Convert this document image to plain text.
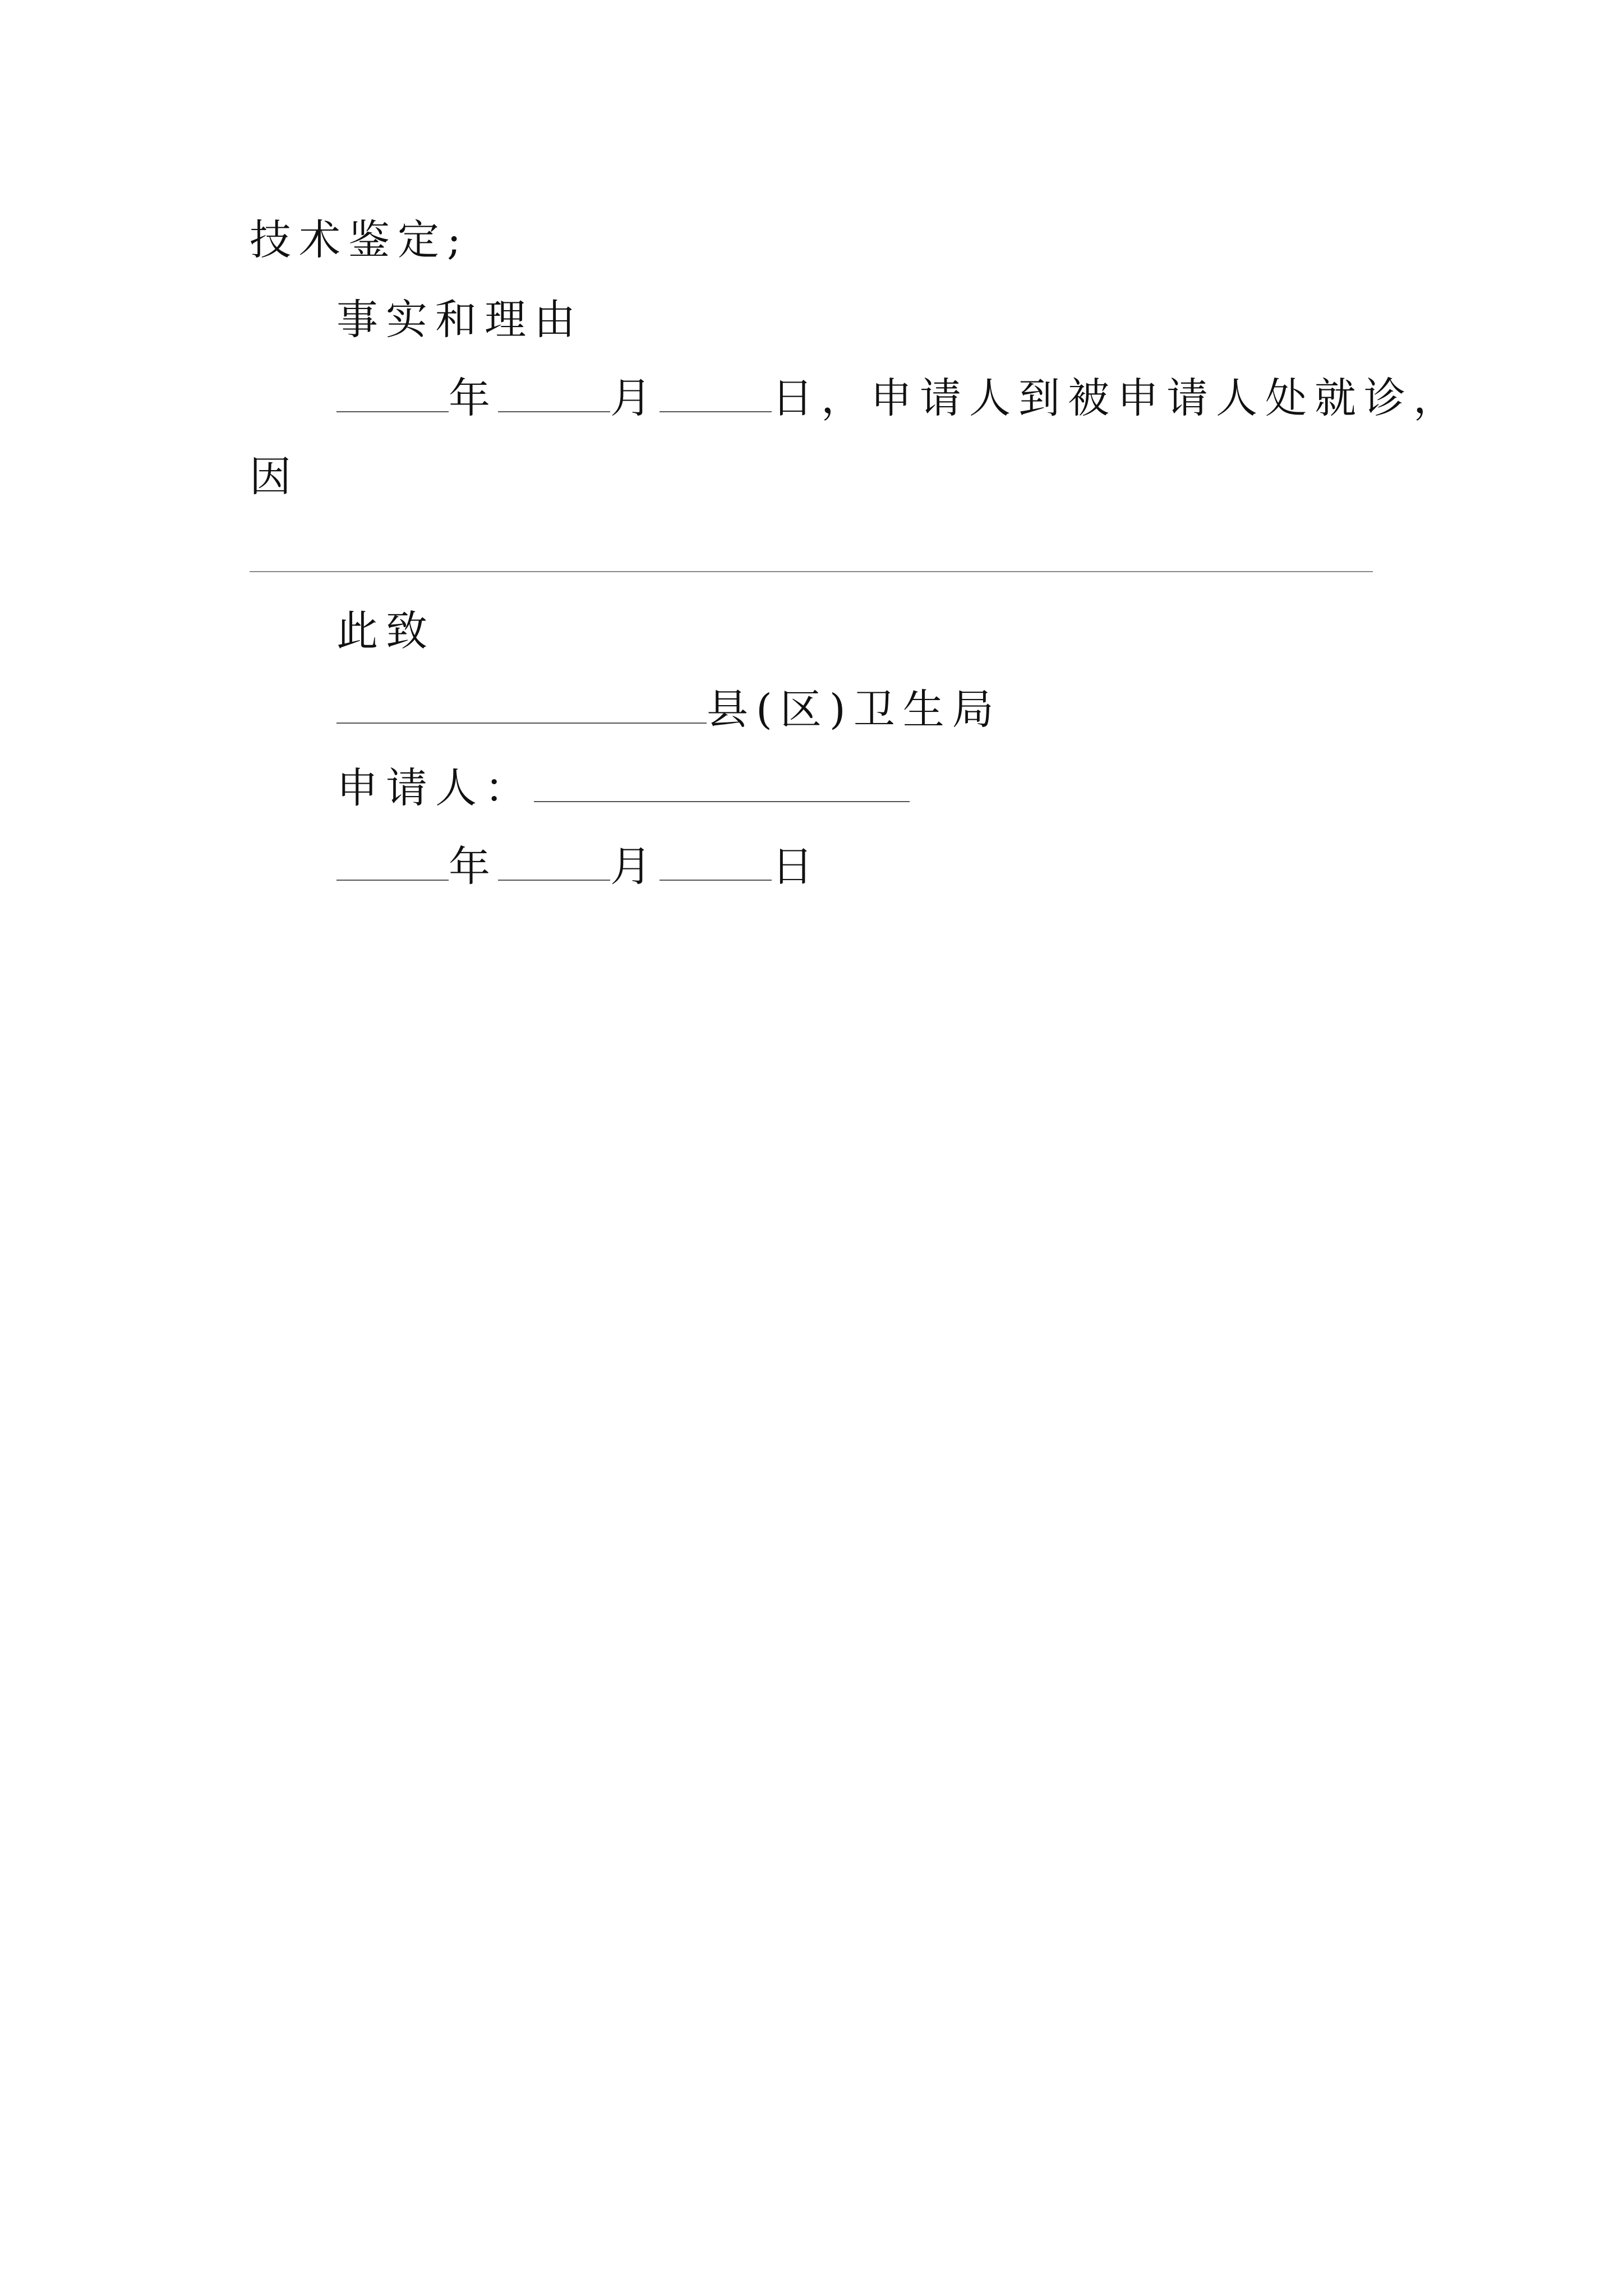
技术鉴定;
事实和理由
年	月	日，申请人到被申请人处就诊，
因
此致
县(区)卫生局
申请人：
年	月	日
